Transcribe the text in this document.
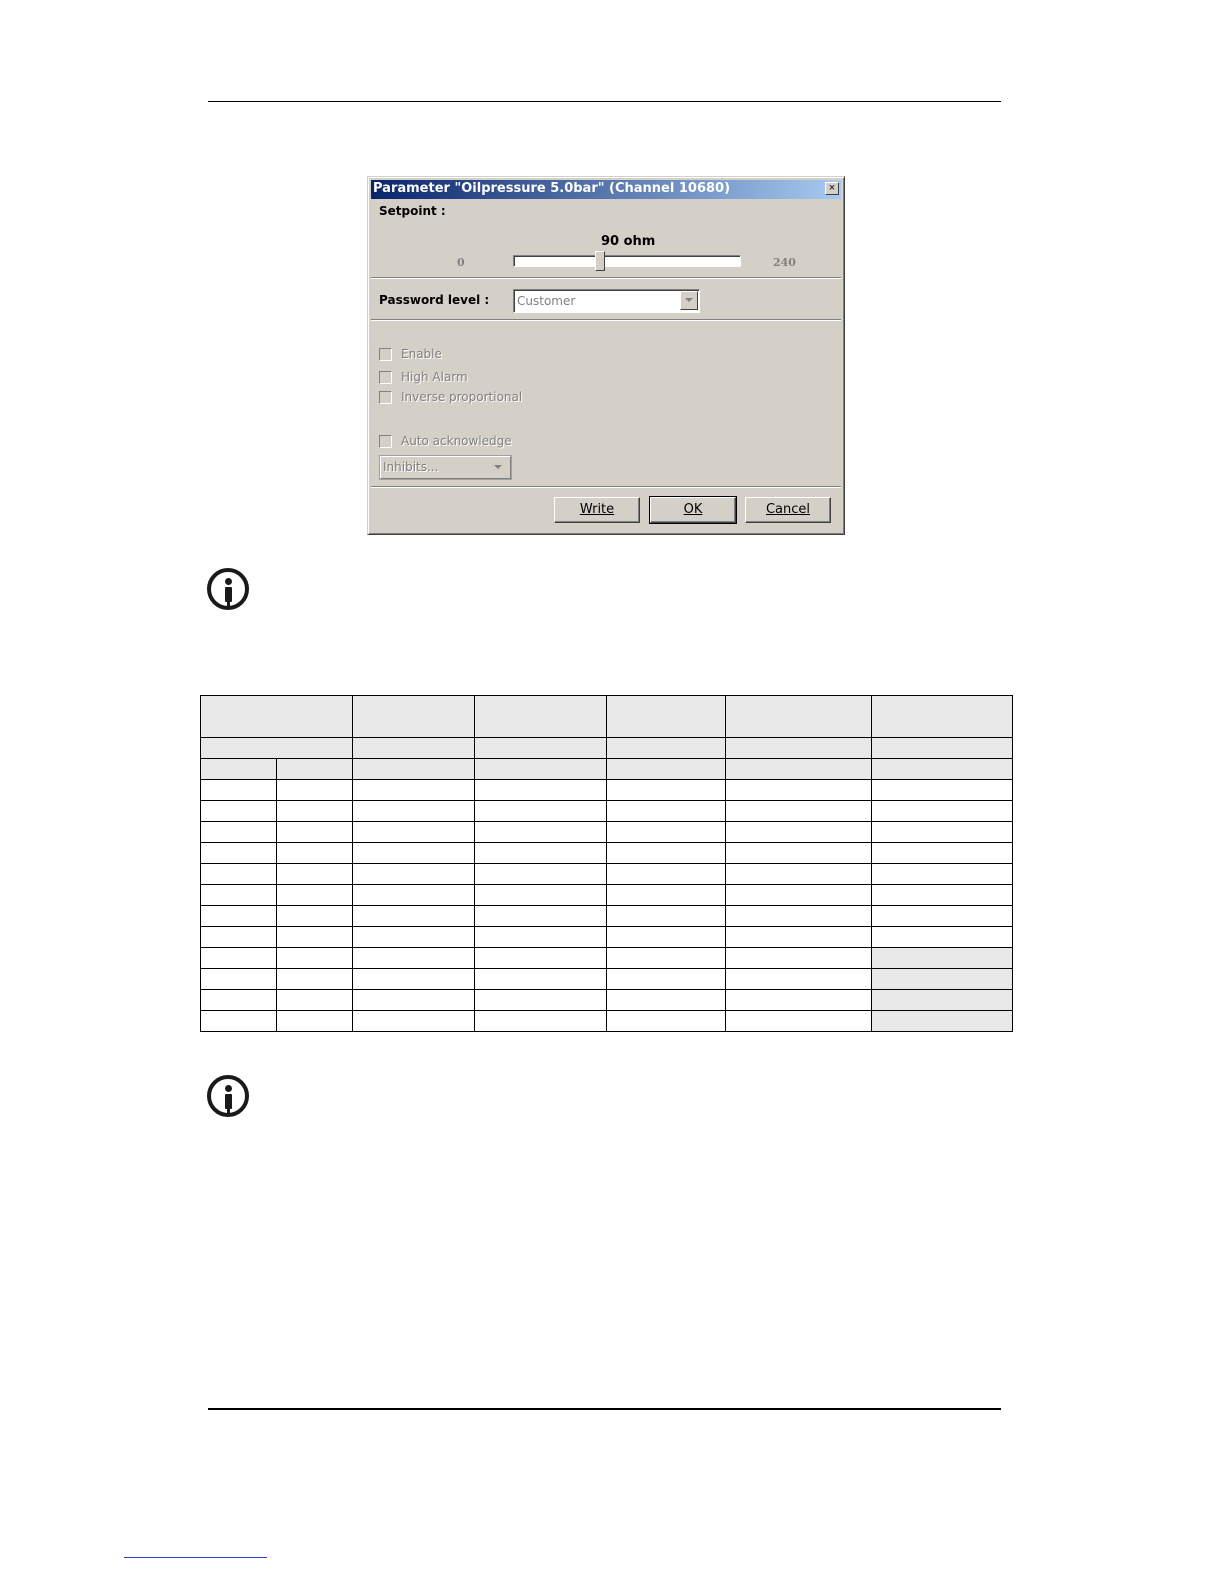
Parameter "Oilpressure 5.0bar" (Channel 10680)	×
Setpoint :
90 ohm
0	240
Password level : Customer
Enable
High Alarm
Inverse proportional
Auto acknowledge
Inhibits...
Write	OK	Cancel
